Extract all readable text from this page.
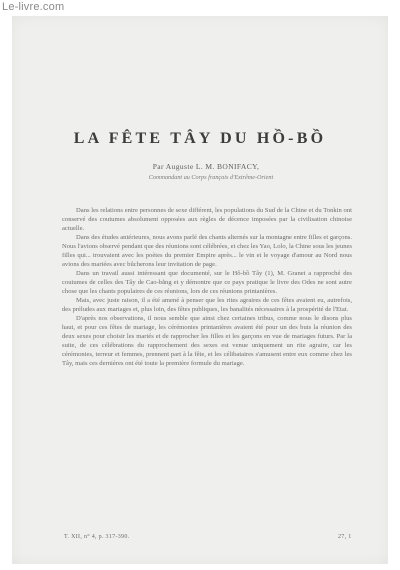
Le-livre.com
LA FÊTE TÂY DU HỒ-BỒ
Par Auguste L. M. BONIFACY,
Commandant au Corps français d'Extrême-Orient

Dans les relations entre personnes de sexe différent, les populations du Sud de la Chine et du Tonkin ont conservé des coutumes absolument opposées aux règles de décence imposées par la civilisation chinoise actuelle.

Dans des études antérieures, nous avons parlé des chants alternés sur la montagne entre filles et garçons. Nous l'avions observé pendant que des réunions sont célébrées, et chez les Yao, Lolo, la Chine sous les jeunes filles qui... trouvaient avec les poètes du premier Empire après... le vin et le voyage d'amour au Nord nous avions des mariées avec bûcherons leur invitation de page.

Dans un travail aussi intéressant que documenté, sur le Hô-bồ Tây (1), M. Granet a rapproché des coutumes de celles des Tây de Cao-bằng et y démontre que ce pays pratique le livre des Odes ne sont autre chose que les chants populaires de ces réunions, lors de ces réunions printanières.

Mais, avec juste raison, il a été amené à penser que les rites agraires de ces fêtes avaient eu, autrefois, des préludes aux mariages et, plus loin, des fêtes publiques, les banalités nécessaires à la prospérité de l'Etat.

D'après nos observations, il nous semble que ainsi chez certaines tribus, comme nous le disons plus haut, et pour ces fêtes de mariage, les cérémonies printanières avaient été pour un des buts la réunion des deux sexes pour choisir les mariés et de rapprocher les filles et les garçons en vue de mariages futurs. Par la suite, de ces célébrations du rapprochement des sexes est venue uniquement un rite agraire, car les cérémonies, terreur et femmes, prennent part à la fête, et les célibataires s'amusent entre eux comme chez les Tây, mais ces dernières ont été toute la première formule du mariage.

T. XII, n° 4, p. 317-390.	27, 1
